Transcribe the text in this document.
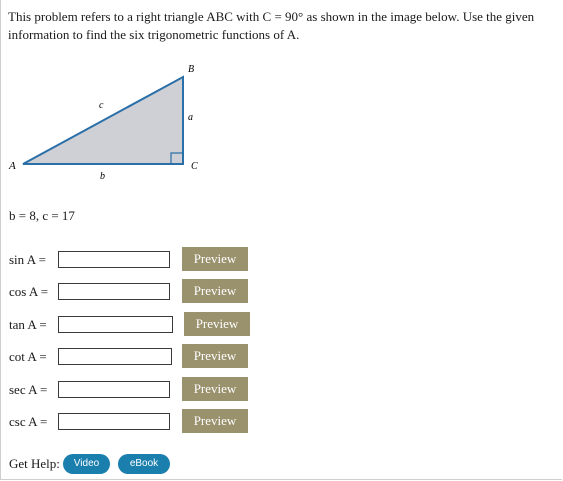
This problem refers to a right triangle ABC with C = 90° as shown in the image below. Use the given
information to find the six trigonometric functions of A.
A
B
C
a
b
c
b = 8, c = 17
sin A =	Preview
cos A =	Preview
tan A =	Preview
cot A =	Preview
sec A =	Preview
csc A =	Preview
Get Help:	Video	eBook
